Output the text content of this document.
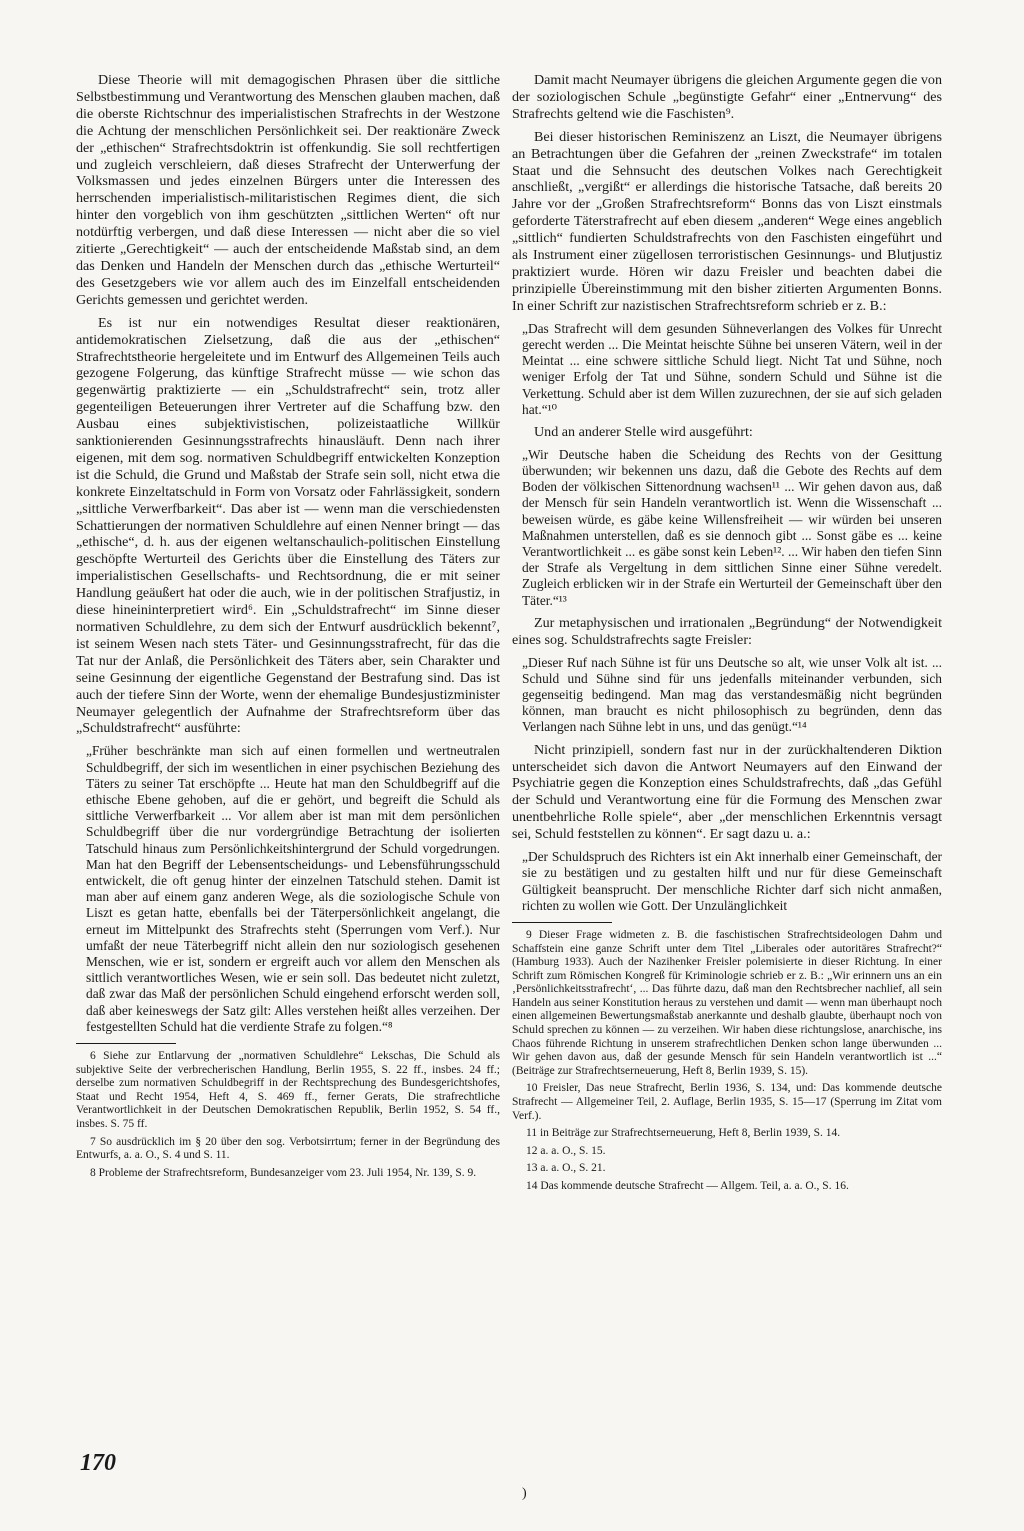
Diese Theorie will mit demagogischen Phrasen über die sittliche Selbstbestimmung und Verantwortung des Menschen glauben machen, daß die oberste Richtschnur des imperialistischen Strafrechts in der Westzone die Achtung der menschlichen Persönlichkeit sei. Der reaktionäre Zweck der „ethischen“ Strafrechtsdoktrin ist offenkundig. Sie soll rechtfertigen und zugleich verschleiern, daß dieses Strafrecht der Unterwerfung der Volksmassen und jedes einzelnen Bürgers unter die Interessen des herrschenden imperialistisch-militaristischen Regimes dient, die sich hinter den vorgeblich von ihm geschützten „sittlichen Werten“ oft nur notdürftig verbergen, und daß diese Interessen — nicht aber die so viel zitierte „Gerechtigkeit“ — auch der entscheidende Maßstab sind, an dem das Denken und Handeln der Menschen durch das „ethische Werturteil“ des Gesetzgebers wie vor allem auch des im Einzelfall entscheidenden Gerichts gemessen und gerichtet werden.

Es ist nur ein notwendiges Resultat dieser reaktionären, antidemokratischen Zielsetzung, daß die aus der „ethischen“ Strafrechtstheorie hergeleitete und im Entwurf des Allgemeinen Teils auch gezogene Folgerung, das künftige Strafrecht müsse — wie schon das gegenwärtig praktizierte — ein „Schuldstrafrecht“ sein, trotz aller gegenteiligen Beteuerungen ihrer Vertreter auf die Schaffung bzw. den Ausbau eines subjektivistischen, polizeistaatliche Willkür sanktionierenden Gesinnungsstrafrechts hinausläuft. Denn nach ihrer eigenen, mit dem sog. normativen Schuldbegriff entwickelten Konzeption ist die Schuld, die Grund und Maßstab der Strafe sein soll, nicht etwa die konkrete Einzeltatschuld in Form von Vorsatz oder Fahrlässigkeit, sondern „sittliche Verwerfbarkeit“. Das aber ist — wenn man die verschiedensten Schattierungen der normativen Schuldlehre auf einen Nenner bringt — das „ethische“, d. h. aus der eigenen weltanschaulich-politischen Einstellung geschöpfte Werturteil des Gerichts über die Einstellung des Täters zur imperialistischen Gesellschafts- und Rechtsordnung, die er mit seiner Handlung geäußert hat oder die auch, wie in der politischen Strafjustiz, in diese hineininterpretiert wird⁶. Ein „Schuldstrafrecht“ im Sinne dieser normativen Schuldlehre, zu dem sich der Entwurf ausdrücklich bekennt⁷, ist seinem Wesen nach stets Täter- und Gesinnungsstrafrecht, für das die Tat nur der Anlaß, die Persönlichkeit des Täters aber, sein Charakter und seine Gesinnung der eigentliche Gegenstand der Bestrafung sind. Das ist auch der tiefere Sinn der Worte, wenn der ehemalige Bundesjustizminister Neumayer gelegentlich der Aufnahme der Strafrechtsreform über das „Schuldstrafrecht“ ausführte:

„Früher beschränkte man sich auf einen formellen und wertneutralen Schuldbegriff, der sich im wesentlichen in einer psychischen Beziehung des Täters zu seiner Tat erschöpfte ... Heute hat man den Schuldbegriff auf die ethische Ebene gehoben, auf die er gehört, und begreift die Schuld als sittliche Verwerfbarkeit ... Vor allem aber ist man mit dem persönlichen Schuldbegriff über die nur vordergründige Betrachtung der isolierten Tatschuld hinaus zum Persönlichkeitshintergrund der Schuld vorgedrungen. Man hat den Begriff der Lebensentscheidungs- und Lebensführungsschuld entwickelt, die oft genug hinter der einzelnen Tatschuld stehen. Damit ist man aber auf einem ganz anderen Wege, als die soziologische Schule von Liszt es getan hatte, ebenfalls bei der Täterpersönlichkeit angelangt, die erneut im Mittelpunkt des Strafrechts steht (Sperrungen vom Verf.). Nur umfaßt der neue Täterbegriff nicht allein den nur soziologisch gesehenen Menschen, wie er ist, sondern er ergreift auch vor allem den Menschen als sittlich verantwortliches Wesen, wie er sein soll. Das bedeutet nicht zuletzt, daß zwar das Maß der persönlichen Schuld eingehend erforscht werden soll, daß aber keineswegs der Satz gilt: Alles verstehen heißt alles verzeihen. Der festgestellten Schuld hat die verdiente Strafe zu folgen.“⁸

6 Siehe zur Entlarvung der „normativen Schuldlehre“ Lekschas, Die Schuld als subjektive Seite der verbrecherischen Handlung, Berlin 1955, S. 22 ff., insbes. 24 ff.; derselbe zum normativen Schuldbegriff in der Rechtsprechung des Bundesgerichtshofes, Staat und Recht 1954, Heft 4, S. 469 ff., ferner Gerats, Die strafrechtliche Verantwortlichkeit in der Deutschen Demokratischen Republik, Berlin 1952, S. 54 ff., insbes. S. 75 ff.

7 So ausdrücklich im § 20 über den sog. Verbotsirrtum; ferner in der Begründung des Entwurfs, a. a. O., S. 4 und S. 11.

8 Probleme der Strafrechtsreform, Bundesanzeiger vom 23. Juli 1954, Nr. 139, S. 9.

Damit macht Neumayer übrigens die gleichen Argumente gegen die von der soziologischen Schule „begünstigte Gefahr“ einer „Entnervung“ des Strafrechts geltend wie die Faschisten⁹.

Bei dieser historischen Reminiszenz an Liszt, die Neumayer übrigens an Betrachtungen über die Gefahren der „reinen Zweckstrafe“ im totalen Staat und die Sehnsucht des deutschen Volkes nach Gerechtigkeit anschließt, „vergißt“ er allerdings die historische Tatsache, daß bereits 20 Jahre vor der „Großen Strafrechtsreform“ Bonns das von Liszt einstmals geforderte Täterstrafrecht auf eben diesem „anderen“ Wege eines angeblich „sittlich“ fundierten Schuldstrafrechts von den Faschisten eingeführt und als Instrument einer zügellosen terroristischen Gesinnungs- und Blutjustiz praktiziert wurde. Hören wir dazu Freisler und beachten dabei die prinzipielle Übereinstimmung mit den bisher zitierten Argumenten Bonns. In einer Schrift zur nazistischen Strafrechtsreform schrieb er z. B.:

„Das Strafrecht will dem gesunden Sühneverlangen des Volkes für Unrecht gerecht werden ... Die Meintat heischte Sühne bei unseren Vätern, weil in der Meintat ... eine schwere sittliche Schuld liegt. Nicht Tat und Sühne, noch weniger Erfolg der Tat und Sühne, sondern Schuld und Sühne ist die Verkettung. Schuld aber ist dem Willen zuzurechnen, der sie auf sich geladen hat.“¹⁰

Und an anderer Stelle wird ausgeführt:

„Wir Deutsche haben die Scheidung des Rechts von der Gesittung überwunden; wir bekennen uns dazu, daß die Gebote des Rechts auf dem Boden der völkischen Sittenordnung wachsen¹¹ ... Wir gehen davon aus, daß der Mensch für sein Handeln verantwortlich ist. Wenn die Wissenschaft ... beweisen würde, es gäbe keine Willensfreiheit — wir würden bei unseren Maßnahmen unterstellen, daß es sie dennoch gibt ... Sonst gäbe es ... keine Verantwortlichkeit ... es gäbe sonst kein Leben¹². ... Wir haben den tiefen Sinn der Strafe als Vergeltung in dem sittlichen Sinne einer Sühne veredelt. Zugleich erblicken wir in der Strafe ein Werturteil der Gemeinschaft über den Täter.“¹³

Zur metaphysischen und irrationalen „Begründung“ der Notwendigkeit eines sog. Schuldstrafrechts sagte Freisler:

„Dieser Ruf nach Sühne ist für uns Deutsche so alt, wie unser Volk alt ist. ... Schuld und Sühne sind für uns jedenfalls miteinander verbunden, sich gegenseitig bedingend. Man mag das verstandesmäßig nicht begründen können, man braucht es nicht philosophisch zu begründen, denn das Verlangen nach Sühne lebt in uns, und das genügt.“¹⁴

Nicht prinzipiell, sondern fast nur in der zurückhaltenderen Diktion unterscheidet sich davon die Antwort Neumayers auf den Einwand der Psychiatrie gegen die Konzeption eines Schuldstrafrechts, daß „das Gefühl der Schuld und Verantwortung eine für die Formung des Menschen zwar unentbehrliche Rolle spiele“, aber „der menschlichen Erkenntnis versagt sei, Schuld feststellen zu können“. Er sagt dazu u. a.:

„Der Schuldspruch des Richters ist ein Akt innerhalb einer Gemeinschaft, der sie zu bestätigen und zu gestalten hilft und nur für diese Gemeinschaft Gültigkeit beansprucht. Der menschliche Richter darf sich nicht anmaßen, richten zu wollen wie Gott. Der Unzulänglichkeit

9 Dieser Frage widmeten z. B. die faschistischen Strafrechtsideologen Dahm und Schaffstein eine ganze Schrift unter dem Titel „Liberales oder autoritäres Strafrecht?“ (Hamburg 1933). Auch der Nazihenker Freisler polemisierte in dieser Richtung. In einer Schrift zum Römischen Kongreß für Kriminologie schrieb er z. B.: „Wir erinnern uns an ein ‚Persönlichkeitsstrafrecht‘, ... Das führte dazu, daß man den Rechtsbrecher nachlief, all sein Handeln aus seiner Konstitution heraus zu verstehen und damit — wenn man überhaupt noch einen allgemeinen Bewertungsmaßstab anerkannte und deshalb glaubte, überhaupt noch von Schuld sprechen zu können — zu verzeihen. Wir haben diese richtungslose, anarchische, ins Chaos führende Richtung in unserem strafrechtlichen Denken schon lange überwunden ... Wir gehen davon aus, daß der gesunde Mensch für sein Handeln verantwortlich ist ...“ (Beiträge zur Strafrechtserneuerung, Heft 8, Berlin 1939, S. 15).

10 Freisler, Das neue Strafrecht, Berlin 1936, S. 134, und: Das kommende deutsche Strafrecht — Allgemeiner Teil, 2. Auflage, Berlin 1935, S. 15—17 (Sperrung im Zitat vom Verf.).

11 in Beiträge zur Strafrechtserneuerung, Heft 8, Berlin 1939, S. 14.

12 a. a. O., S. 15.

13 a. a. O., S. 21.

14 Das kommende deutsche Strafrecht — Allgem. Teil, a. a. O., S. 16.

170
)
